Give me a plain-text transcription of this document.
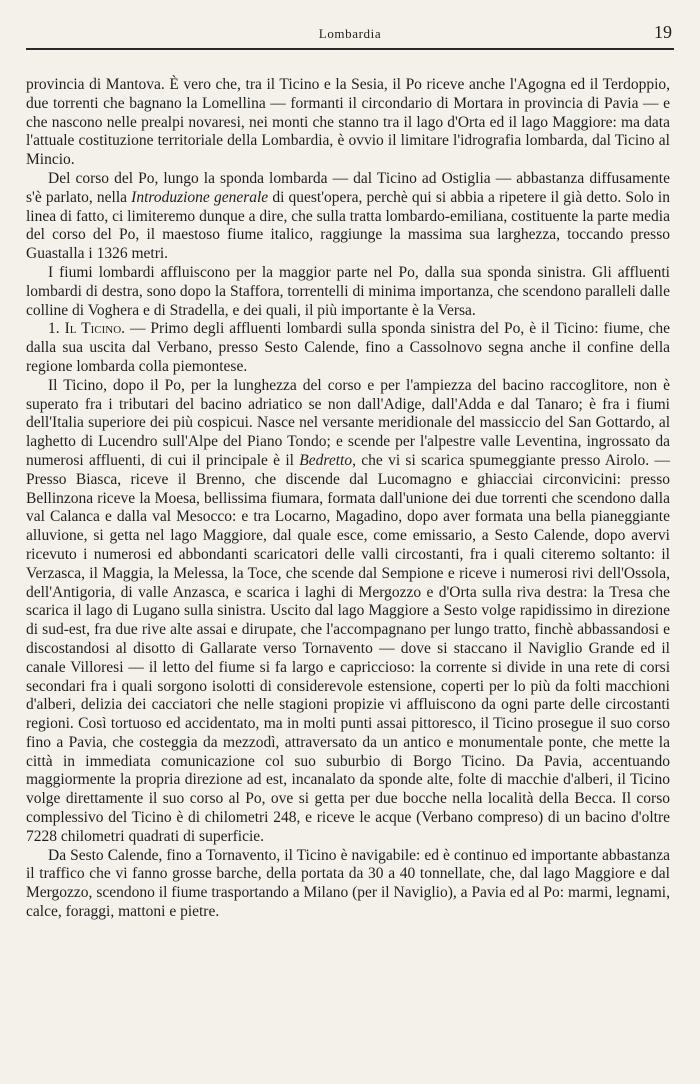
Lombardia	19

provincia di Mantova. È vero che, tra il Ticino e la Sesia, il Po riceve anche l'Agogna ed il Terdoppio, due torrenti che bagnano la Lomellina — formanti il circondario di Mortara in provincia di Pavia — e che nascono nelle prealpi novaresi, nei monti che stanno tra il lago d'Orta ed il lago Maggiore: ma data l'attuale costituzione territoriale della Lombardia, è ovvio il limitare l'idrografia lombarda, dal Ticino al Mincio.

Del corso del Po, lungo la sponda lombarda — dal Ticino ad Ostiglia — abbastanza diffusamente s'è parlato, nella Introduzione generale di quest'opera, perchè qui si abbia a ripetere il già detto. Solo in linea di fatto, ci limiteremo dunque a dire, che sulla tratta lombardo-emiliana, costituente la parte media del corso del Po, il maestoso fiume italico, raggiunge la massima sua larghezza, toccando presso Guastalla i 1326 metri.

I fiumi lombardi affluiscono per la maggior parte nel Po, dalla sua sponda sinistra. Gli affluenti lombardi di destra, sono dopo la Staffora, torrentelli di minima importanza, che scendono paralleli dalle colline di Voghera e di Stradella, e dei quali, il più importante è la Versa.

1. Il Ticino. — Primo degli affluenti lombardi sulla sponda sinistra del Po, è il Ticino: fiume, che dalla sua uscita dal Verbano, presso Sesto Calende, fino a Cassolnovo segna anche il confine della regione lombarda colla piemontese.

Il Ticino, dopo il Po, per la lunghezza del corso e per l'ampiezza del bacino raccoglitore, non è superato fra i tributari del bacino adriatico se non dall'Adige, dall'Adda e dal Tanaro; è fra i fiumi dell'Italia superiore dei più cospicui. Nasce nel versante meridionale del massiccio del San Gottardo, al laghetto di Lucendro sull'Alpe del Piano Tondo; e scende per l'alpestre valle Leventina, ingrossato da numerosi affluenti, di cui il principale è il Bedretto, che vi si scarica spumeggiante presso Airolo. — Presso Biasca, riceve il Brenno, che discende dal Lucomagno e ghiacciai circonvicini: presso Bellinzona riceve la Moesa, bellissima fiumara, formata dall'unione dei due torrenti che scendono dalla val Calanca e dalla val Mesocco: e tra Locarno, Magadino, dopo aver formata una bella pianeggiante alluvione, si getta nel lago Maggiore, dal quale esce, come emissario, a Sesto Calende, dopo avervi ricevuto i numerosi ed abbondanti scaricatori delle valli circostanti, fra i quali citeremo soltanto: il Verzasca, il Maggia, la Melessa, la Toce, che scende dal Sempione e riceve i numerosi rivi dell'Ossola, dell'Antigoria, di valle Anzasca, e scarica i laghi di Mergozzo e d'Orta sulla riva destra: la Tresa che scarica il lago di Lugano sulla sinistra. Uscito dal lago Maggiore a Sesto volge rapidissimo in direzione di sud-est, fra due rive alte assai e dirupate, che l'accompagnano per lungo tratto, finchè abbassandosi e discostandosi al disotto di Gallarate verso Tornavento — dove si staccano il Naviglio Grande ed il canale Villoresi — il letto del fiume si fa largo e capriccioso: la corrente si divide in una rete di corsi secondari fra i quali sorgono isolotti di considerevole estensione, coperti per lo più da folti macchioni d'alberi, delizia dei cacciatori che nelle stagioni propizie vi affluiscono da ogni parte delle circostanti regioni. Così tortuoso ed accidentato, ma in molti punti assai pittoresco, il Ticino prosegue il suo corso fino a Pavia, che costeggia da mezzodì, attraversato da un antico e monumentale ponte, che mette la città in immediata comunicazione col suo suburbio di Borgo Ticino. Da Pavia, accentuando maggiormente la propria direzione ad est, incanalato da sponde alte, folte di macchie d'alberi, il Ticino volge direttamente il suo corso al Po, ove si getta per due bocche nella località della Becca. Il corso complessivo del Ticino è di chilometri 248, e riceve le acque (Verbano compreso) di un bacino d'oltre 7228 chilometri quadrati di superficie.

Da Sesto Calende, fino a Tornavento, il Ticino è navigabile: ed è continuo ed importante abbastanza il traffico che vi fanno grosse barche, della portata da 30 a 40 tonnellate, che, dal lago Maggiore e dal Mergozzo, scendono il fiume trasportando a Milano (per il Naviglio), a Pavia ed al Po: marmi, legnami, calce, foraggi, mattoni e pietre.
